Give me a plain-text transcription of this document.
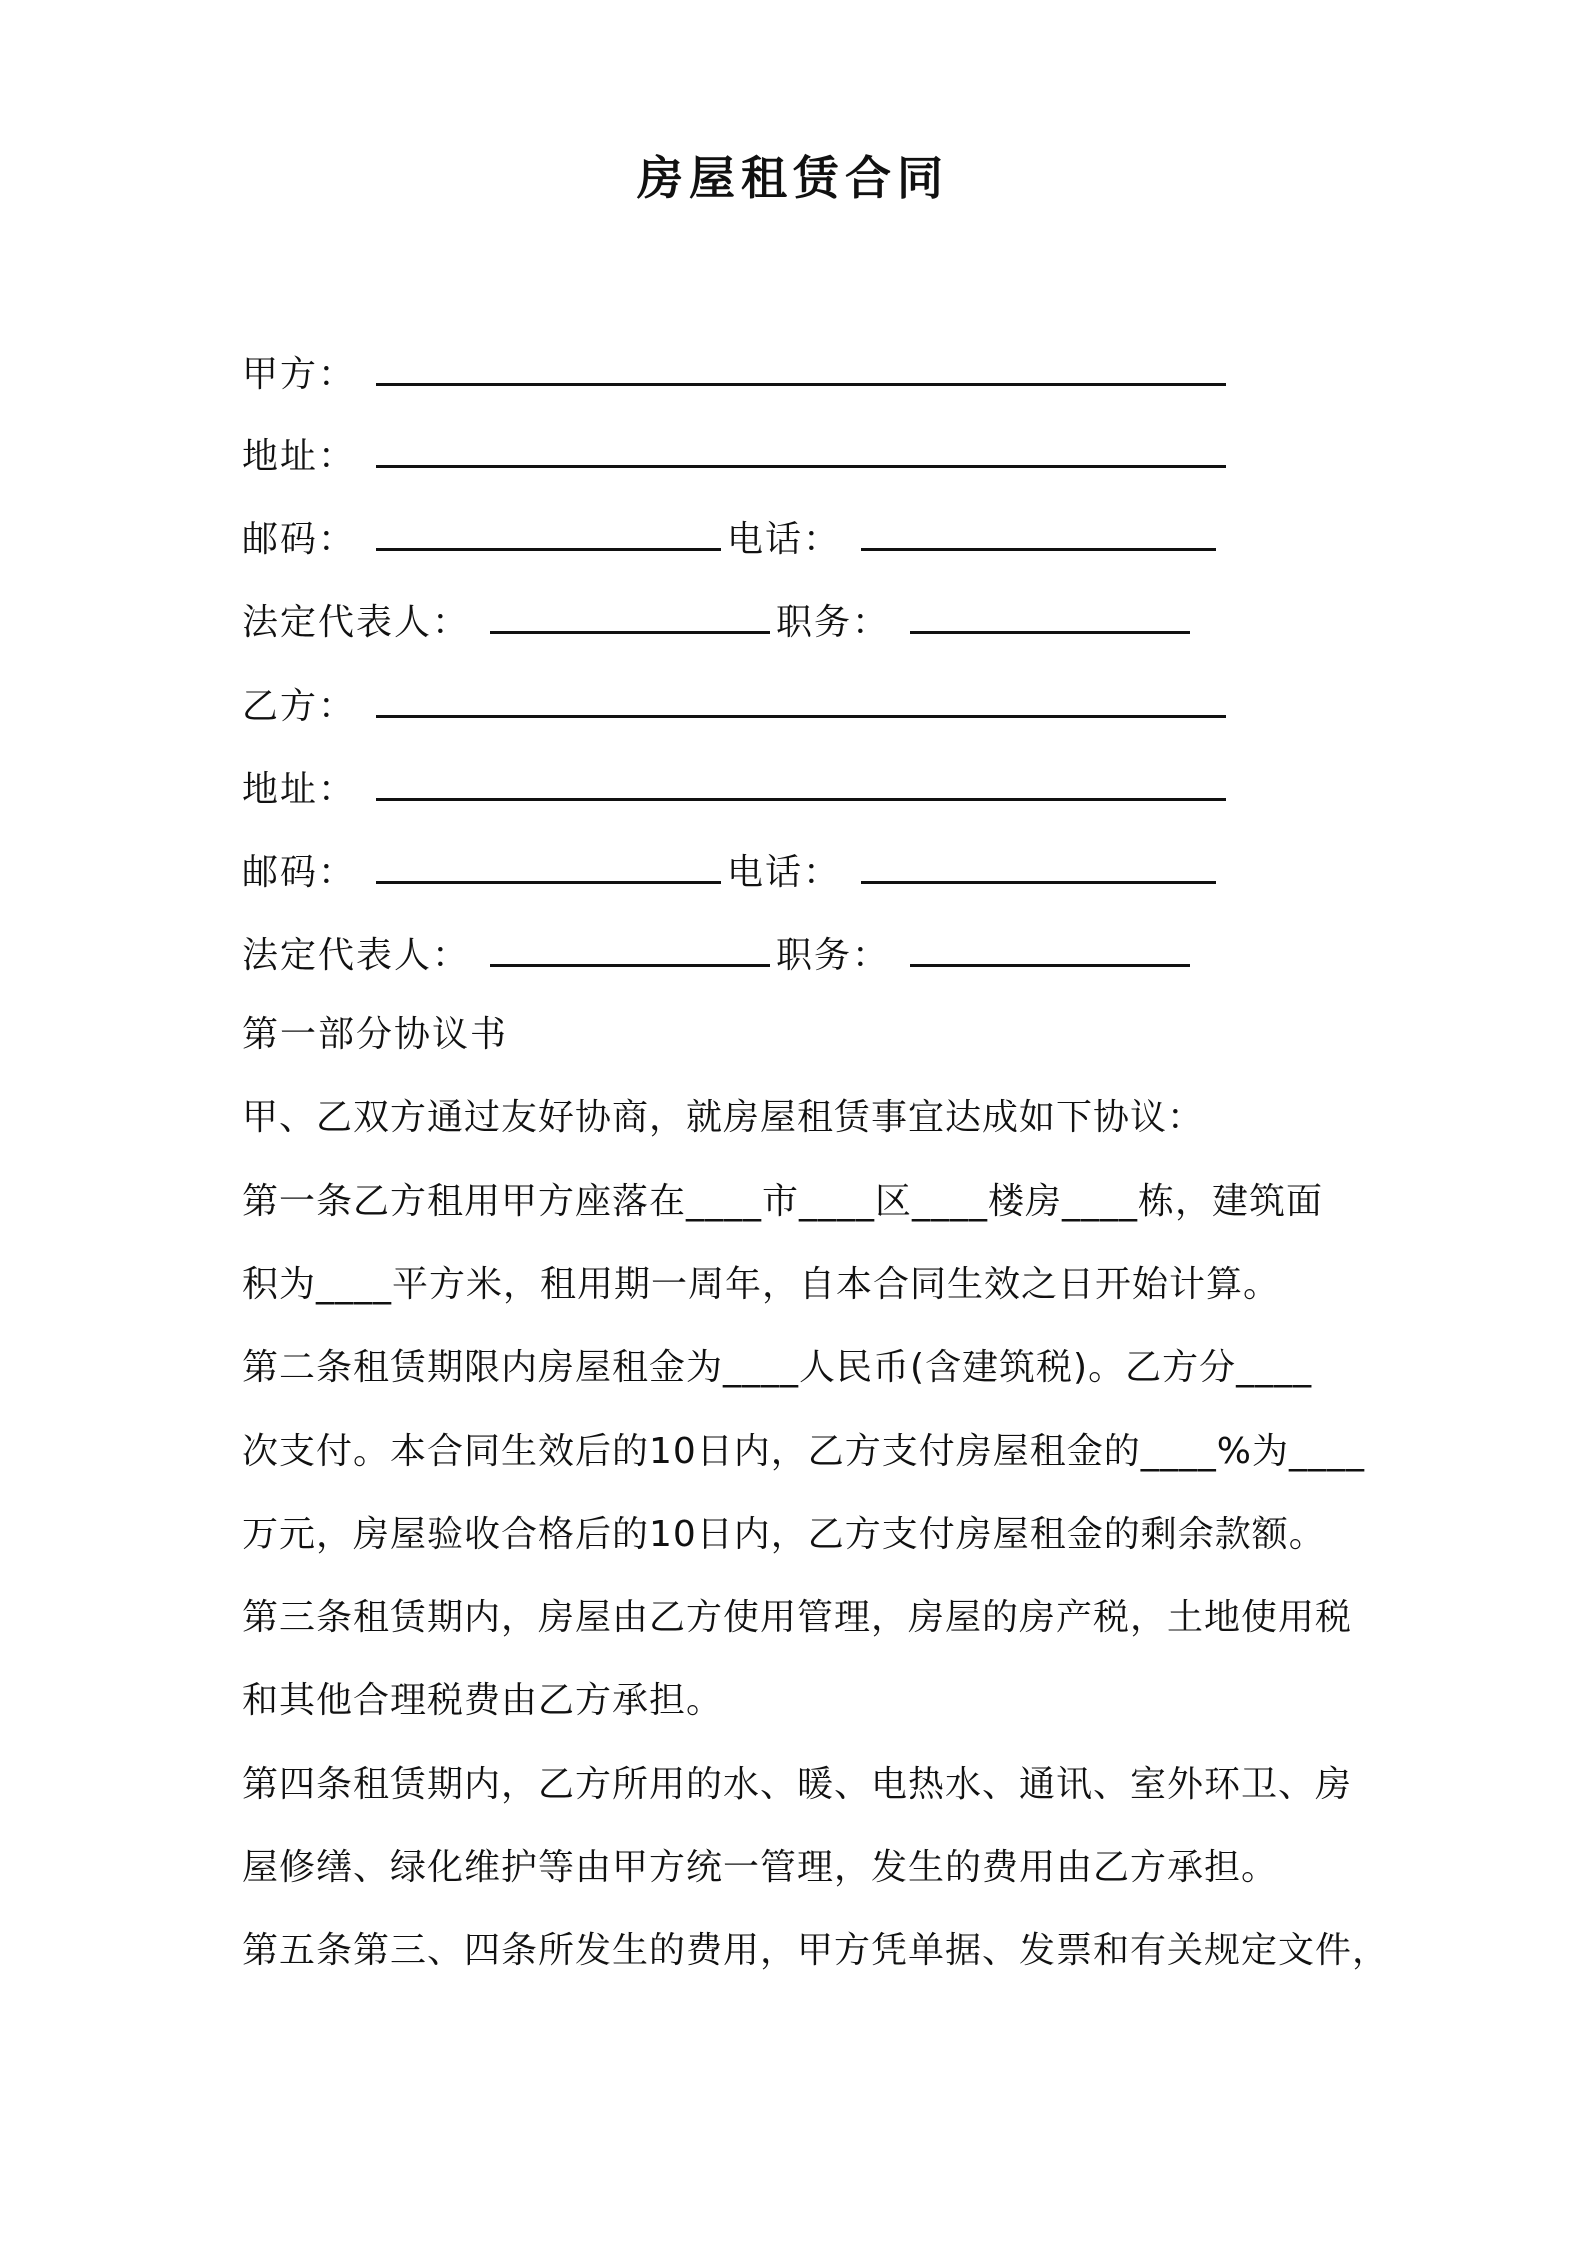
房屋租赁合同
甲方：
地址：
邮码：	电话：
法定代表人：	职务：
乙方：
地址：
邮码：	电话：
法定代表人：	职务：
第一部分协议书
甲、乙双方通过友好协商，就房屋租赁事宜达成如下协议：
第一条乙方租用甲方座落在____市____区____楼房____栋，建筑面
积为____平方米，租用期一周年，自本合同生效之日开始计算。
第二条租赁期限内房屋租金为____人民币(含建筑税)。乙方分____
次支付。本合同生效后的10日内，乙方支付房屋租金的____%为____
万元，房屋验收合格后的10日内，乙方支付房屋租金的剩余款额。
第三条租赁期内，房屋由乙方使用管理，房屋的房产税，土地使用税
和其他合理税费由乙方承担。
第四条租赁期内，乙方所用的水、暖、电热水、通讯、室外环卫、房
屋修缮、绿化维护等由甲方统一管理，发生的费用由乙方承担。
第五条第三、四条所发生的费用，甲方凭单据、发票和有关规定文件，
